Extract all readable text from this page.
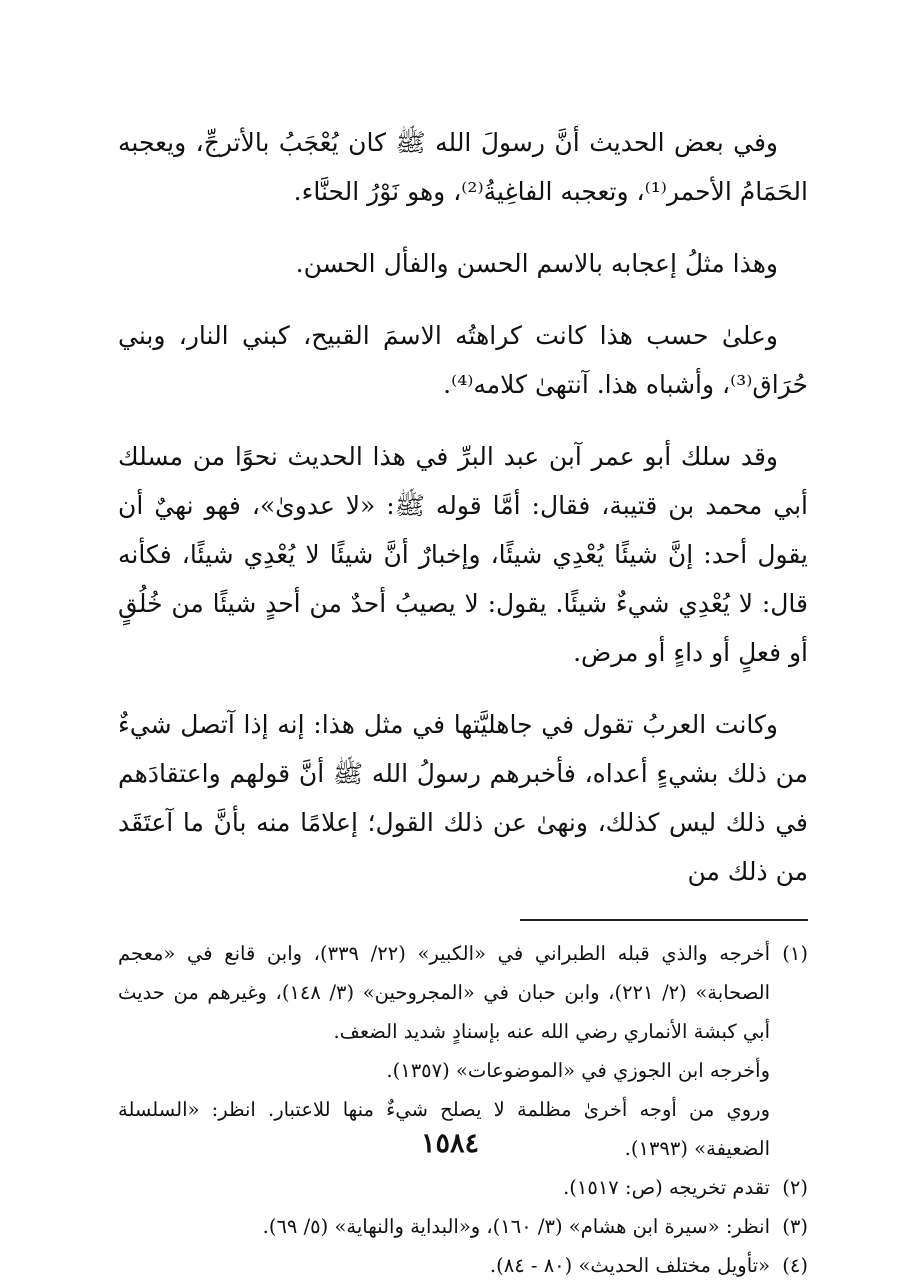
وفي بعض الحديث أنَّ رسولَ الله ﷺ كان يُعْجَبُ بالأترجِّ، ويعجبه الحَمَامُ الأحمر⁽¹⁾، وتعجبه الفاغِيةُ⁽²⁾، وهو نَوْرُ الحنَّاء.

وهذا مثلُ إعجابه بالاسم الحسن والفأل الحسن.

وعلىٰ حسب هذا كانت كراهتُه الاسمَ القبيح، كبني النار، وبني حُرَاق⁽³⁾، وأشباه هذا. آنتهىٰ كلامه⁽⁴⁾.

وقد سلك أبو عمر آبن عبد البرِّ في هذا الحديث نحوًا من مسلك أبي محمد بن قتيبة، فقال: أمَّا قوله ﷺ: «لا عدوىٰ»، فهو نهيٌ أن يقول أحد: إنَّ شيئًا يُعْدِي شيئًا، وإخبارٌ أنَّ شيئًا لا يُعْدِي شيئًا، فكأنه قال: لا يُعْدِي شيءٌ شيئًا. يقول: لا يصيبُ أحدٌ من أحدٍ شيئًا من خُلُقٍ أو فعلٍ أو داءٍ أو مرض.

وكانت العربُ تقول في جاهليَّتها في مثل هذا: إنه إذا آتصل شيءٌ من ذلك بشيءٍ أعداه، فأخبرهم رسولُ الله ﷺ أنَّ قولهم واعتقادَهم في ذلك ليس كذلك، ونهىٰ عن ذلك القول؛ إعلامًا منه بأنَّ ما آعتَقَد من ذلك من

(١)
أخرجه والذي قبله الطبراني في «الكبير» (٢٢/ ٣٣٩)، وابن قانع في «معجم الصحابة» (٢/ ٢٢١)، وابن حبان في «المجروحين» (٣/ ١٤٨)، وغيرهم من حديث أبي كبشة الأنماري رضي الله عنه بإسنادٍ شديد الضعف.
وأخرجه ابن الجوزي في «الموضوعات» (١٣٥٧).
وروي من أوجه أخرىٰ مظلمة لا يصلح شيءٌ منها للاعتبار. انظر: «السلسلة الضعيفة» (١٣٩٣).
(٢)
تقدم تخريجه (ص: ١٥١٧).
(٣)
انظر: «سيرة ابن هشام» (٣/ ١٦٠)، و«البداية والنهاية» (٥/ ٦٩).
(٤)
«تأويل مختلف الحديث» (٨٠ - ٨٤).
١٥٨٤
